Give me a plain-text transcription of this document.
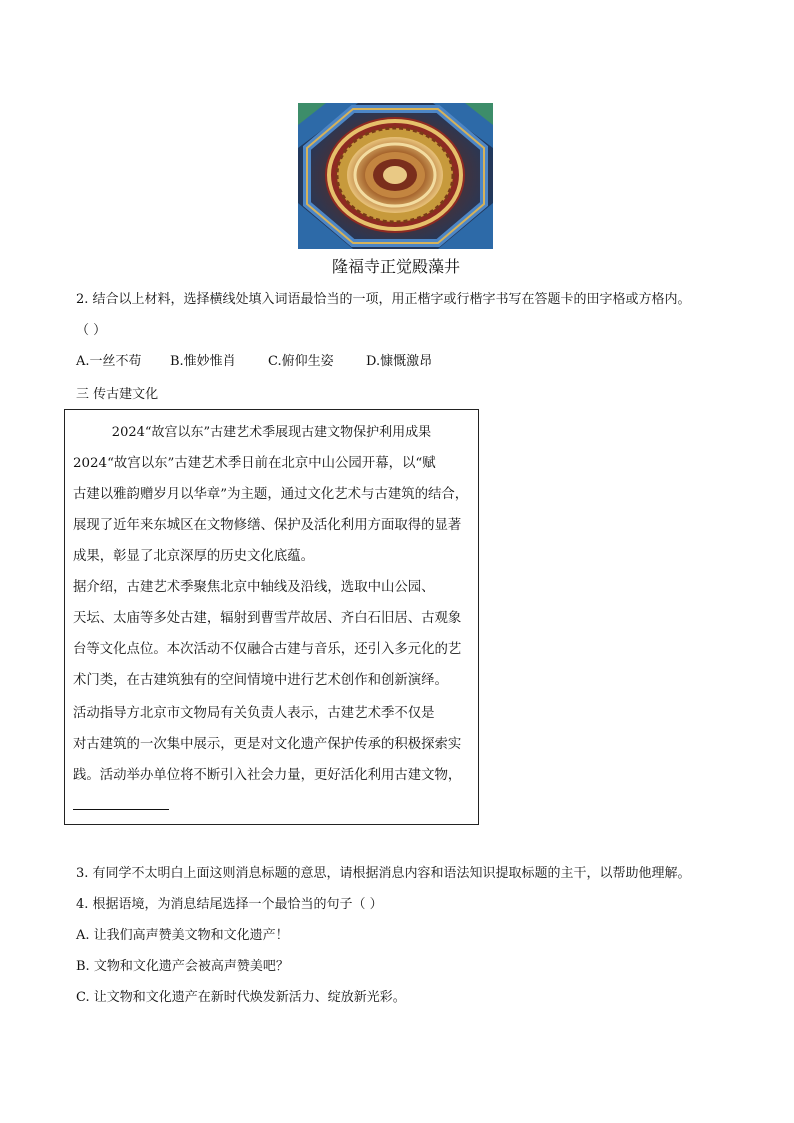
隆福寺正觉殿藻井
2. 结合以上材料，选择横线处填入词语最恰当的一项，用正楷字或行楷字书写在答题卡的田字格或方格内。
（ ）
A.一丝不苟 B.惟妙惟肖 C.俯仰生姿 D.慷慨激昂
三 传古建文化
2024“故宫以东”古建艺术季展现古建文物保护利用成果
2024“故宫以东”古建艺术季日前在北京中山公园开幕，以“赋
古建以雅韵赠岁月以华章”为主题，通过文化艺术与古建筑的结合，
展现了近年来东城区在文物修缮、保护及活化利用方面取得的显著
成果，彰显了北京深厚的历史文化底蕴。
据介绍，古建艺术季聚焦北京中轴线及沿线，选取中山公园、
天坛、太庙等多处古建，辐射到曹雪芹故居、齐白石旧居、古观象
台等文化点位。本次活动不仅融合古建与音乐，还引入多元化的艺
术门类，在古建筑独有的空间情境中进行艺术创作和创新演绎。
活动指导方北京市文物局有关负责人表示，古建艺术季不仅是
对古建筑的一次集中展示，更是对文化遗产保护传承的积极探索实
践。活动举办单位将不断引入社会力量，更好活化利用古建文物，
3. 有同学不太明白上面这则消息标题的意思，请根据消息内容和语法知识提取标题的主干，以帮助他理解。
4. 根据语境，为消息结尾选择一个最恰当的句子（ ）
A. 让我们高声赞美文物和文化遗产！
B. 文物和文化遗产会被高声赞美吧？
C. 让文物和文化遗产在新时代焕发新活力、绽放新光彩。
